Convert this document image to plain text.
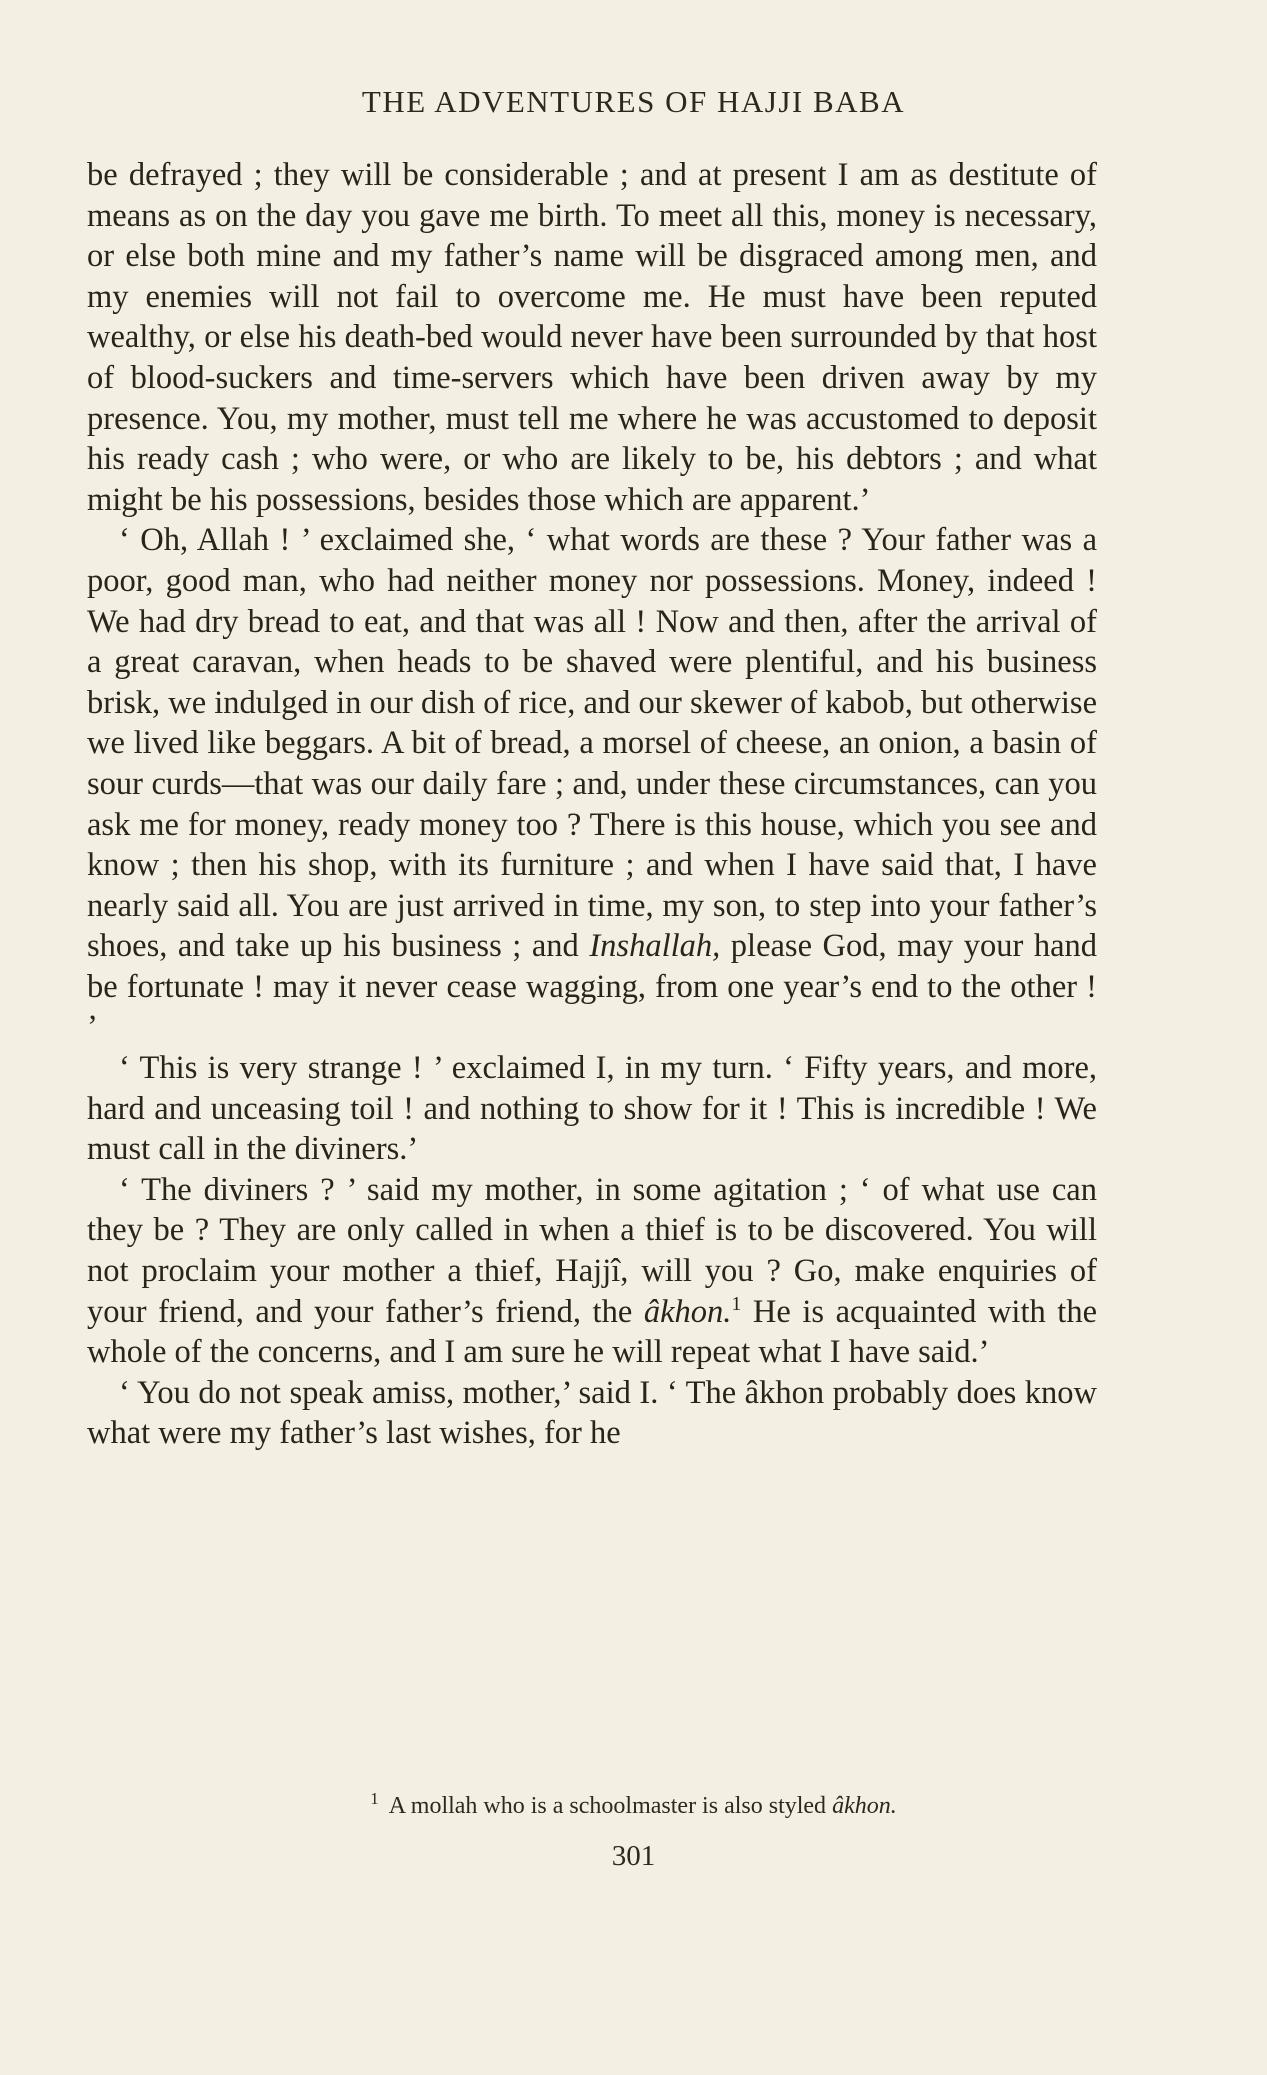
THE ADVENTURES OF HAJJI BABA

be defrayed ; they will be considerable ; and at present I am as destitute of means as on the day you gave me birth. To meet all this, money is necessary, or else both mine and my father’s name will be disgraced among men, and my enemies will not fail to overcome me. He must have been reputed wealthy, or else his death-bed would never have been surrounded by that host of blood-suckers and time-servers which have been driven away by my presence. You, my mother, must tell me where he was accustomed to deposit his ready cash ; who were, or who are likely to be, his debtors ; and what might be his possessions, besides those which are apparent.’

‘ Oh, Allah ! ’ exclaimed she, ‘ what words are these ? Your father was a poor, good man, who had neither money nor possessions. Money, indeed ! We had dry bread to eat, and that was all ! Now and then, after the arrival of a great caravan, when heads to be shaved were plentiful, and his business brisk, we indulged in our dish of rice, and our skewer of kabob, but otherwise we lived like beggars. A bit of bread, a morsel of cheese, an onion, a basin of sour curds—that was our daily fare ; and, under these circumstances, can you ask me for money, ready money too ? There is this house, which you see and know ; then his shop, with its furniture ; and when I have said that, I have nearly said all. You are just arrived in time, my son, to step into your father’s shoes, and take up his business ; and Inshallah, please God, may your hand be fortunate ! may it never cease wagging, from one year’s end to the other ! ’

‘ This is very strange ! ’ exclaimed I, in my turn. ‘ Fifty years, and more, hard and unceasing toil ! and nothing to show for it ! This is incredible ! We must call in the diviners.’

‘ The diviners ? ’ said my mother, in some agitation ; ‘ of what use can they be ? They are only called in when a thief is to be discovered. You will not proclaim your mother a thief, Hajjî, will you ? Go, make enquiries of your friend, and your father’s friend, the âkhon.$^1$ He is acquainted with the whole of the concerns, and I am sure he will repeat what I have said.’

‘ You do not speak amiss, mother,’ said I. ‘ The âkhon probably does know what were my father’s last wishes, for he

$^1$ A mollah who is a schoolmaster is also styled âkhon.
301
